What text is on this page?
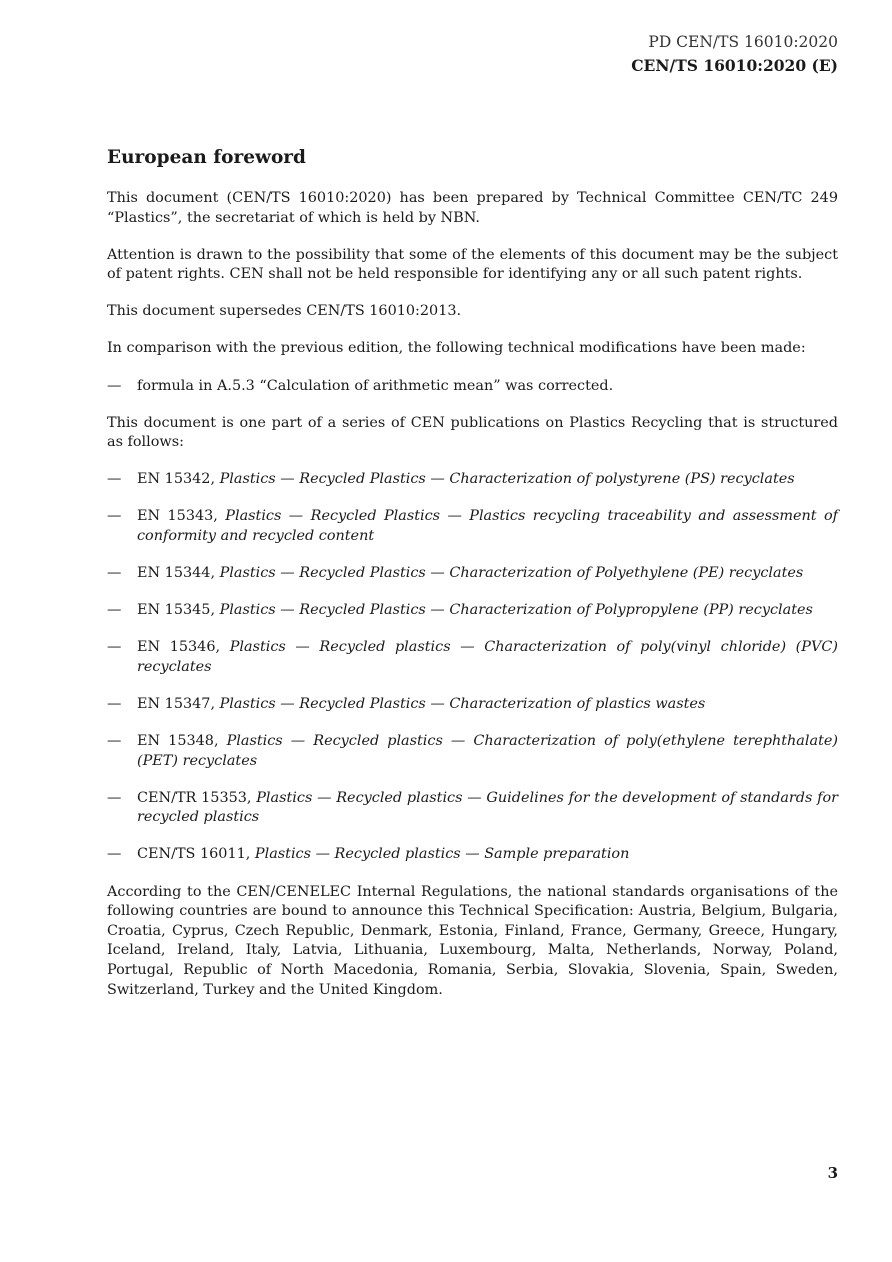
PD CEN/TS 16010:2020
CEN/TS 16010:2020 (E)
European foreword

This document (CEN/TS 16010:2020) has been prepared by Technical Committee CEN/TC 249 “Plastics”, the secretariat of which is held by NBN.

Attention is drawn to the possibility that some of the elements of this document may be the subject of patent rights. CEN shall not be held responsible for identifying any or all such patent rights.

This document supersedes CEN/TS 16010:2013.

In comparison with the previous edition, the following technical modifications have been made:

—	formula in A.5.3 “Calculation of arithmetic mean” was corrected.

This document is one part of a series of CEN publications on Plastics Recycling that is structured as follows:

—	EN 15342, Plastics — Recycled Plastics — Characterization of polystyrene (PS) recyclates
—	EN 15343, Plastics — Recycled Plastics — Plastics recycling traceability and assessment of conformity and recycled content
—	EN 15344, Plastics — Recycled Plastics — Characterization of Polyethylene (PE) recyclates
—	EN 15345, Plastics — Recycled Plastics — Characterization of Polypropylene (PP) recyclates
—	EN 15346, Plastics — Recycled plastics — Characterization of poly(vinyl chloride) (PVC) recyclates
—	EN 15347, Plastics — Recycled Plastics — Characterization of plastics wastes
—	EN 15348, Plastics — Recycled plastics — Characterization of poly(ethylene terephthalate) (PET) recyclates
—	CEN/TR 15353, Plastics — Recycled plastics — Guidelines for the development of standards for recycled plastics
—	CEN/TS 16011, Plastics — Recycled plastics — Sample preparation

According to the CEN/CENELEC Internal Regulations, the national standards organisations of the following countries are bound to announce this Technical Specification: Austria, Belgium, Bulgaria, Croatia, Cyprus, Czech Republic, Denmark, Estonia, Finland, France, Germany, Greece, Hungary, Iceland, Ireland, Italy, Latvia, Lithuania, Luxembourg, Malta, Netherlands, Norway, Poland, Portugal, Republic of North Macedonia, Romania, Serbia, Slovakia, Slovenia, Spain, Sweden, Switzerland, Turkey and the United Kingdom.

3
